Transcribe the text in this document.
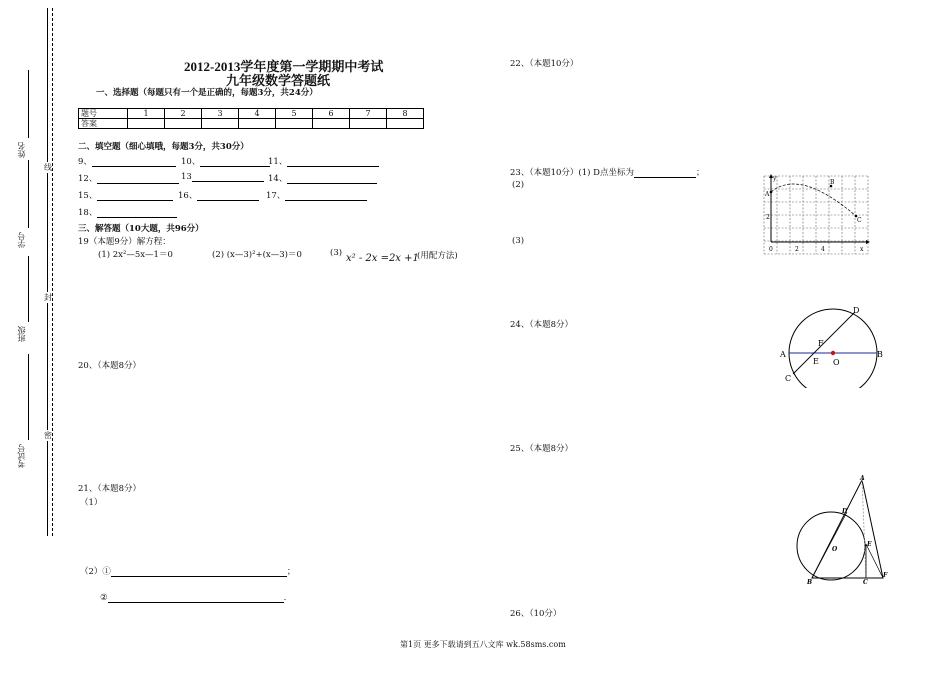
线
封
密
姓名
学号
班级
考试号
2012-2013学年度第一学期期中考试
九年级数学答题纸
一、选择题（每题只有一个是正确的，每题3分，共24分）
题号	1	2	3	4	5	6	7	8
答案								
二、填空题（细心填哦，每题3分，共30分）
9、	10、	11、
12、	13	14、
15、	16、	17、
18、
三、解答题（10大题，共96分）
19（本题9分）解方程：
(1) 2x²—5x—1＝0	(2) (x—3)²+(x—3)＝0	(3) x² - 2x =2x +1
(用配方法)
20、（本题8分）
21、（本题8分）
（1）
（2）①	；
②	.
22、（本题10分）
23、（本题10分）(1) D点坐标为	；
(2)
(3)
24、（本题8分）
25、（本题8分）
26、（10分）
y
x
0	2	4
2
A
B
C
A	B
C
D
E
F
O
A
B	C
D
E
F
O
第1页 更多下载请到五八文库 wk.58sms.com
